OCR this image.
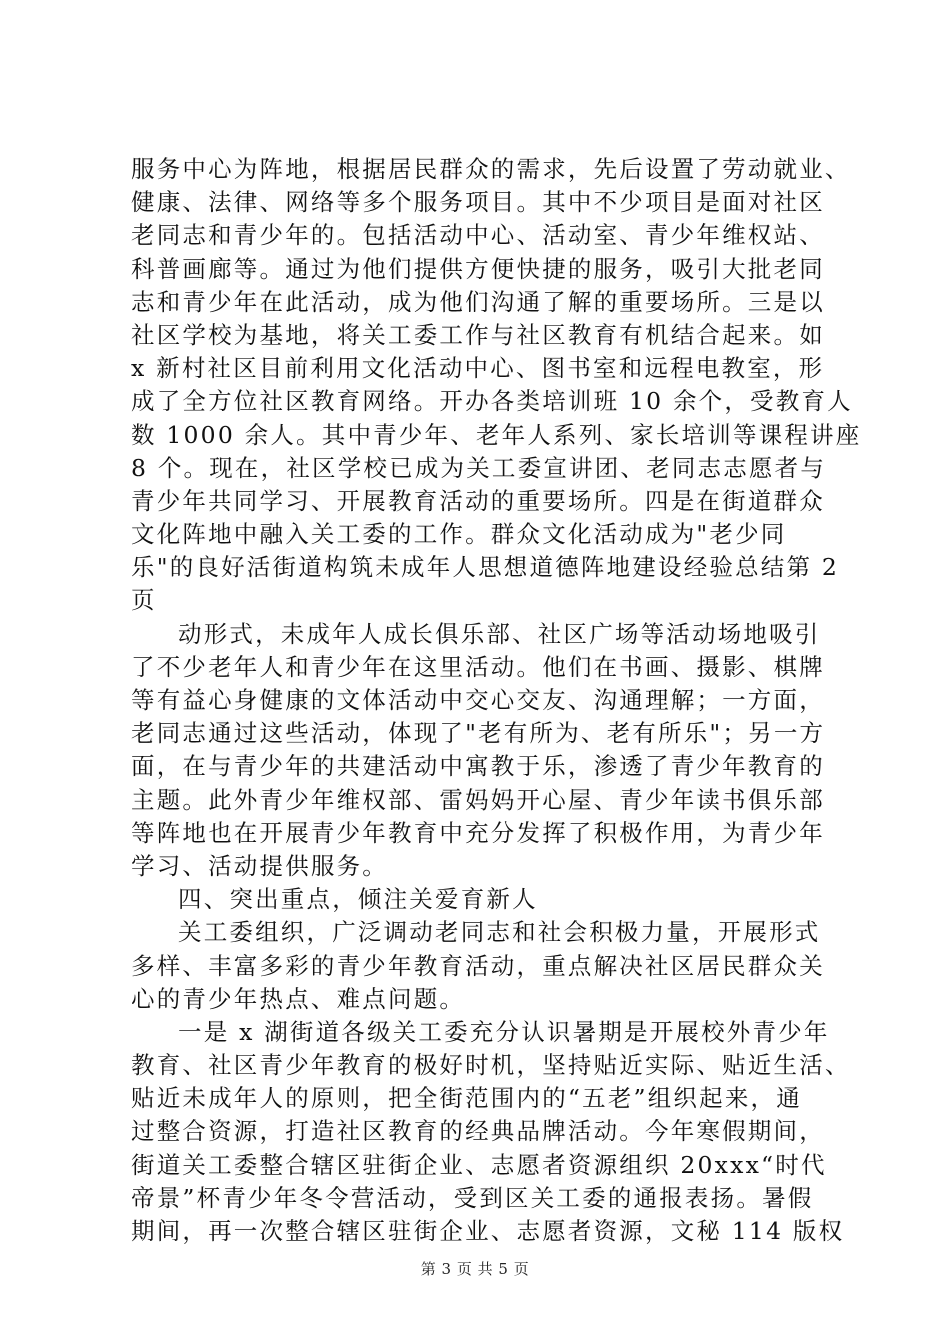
服务中心为阵地，根据居民群众的需求，先后设置了劳动就业、
健康、法律、网络等多个服务项目。其中不少项目是面对社区
老同志和青少年的。包括活动中心、活动室、青少年维权站、
科普画廊等。通过为他们提供方便快捷的服务，吸引大批老同
志和青少年在此活动，成为他们沟通了解的重要场所。三是以
社区学校为基地，将关工委工作与社区教育有机结合起来。如
x 新村社区目前利用文化活动中心、图书室和远程电教室，形
成了全方位社区教育网络。开办各类培训班 10 余个，受教育人
数 1000 余人。其中青少年、老年人系列、家长培训等课程讲座
8 个。现在，社区学校已成为关工委宣讲团、老同志志愿者与
青少年共同学习、开展教育活动的重要场所。四是在街道群众
文化阵地中融入关工委的工作。群众文化活动成为"老少同
乐"的良好活街道构筑未成年人思想道德阵地建设经验总结第 2
页
动形式，未成年人成长俱乐部、社区广场等活动场地吸引
了不少老年人和青少年在这里活动。他们在书画、摄影、棋牌
等有益心身健康的文体活动中交心交友、沟通理解；一方面，
老同志通过这些活动，体现了"老有所为、老有所乐"；另一方
面，在与青少年的共建活动中寓教于乐，渗透了青少年教育的
主题。此外青少年维权部、雷妈妈开心屋、青少年读书俱乐部
等阵地也在开展青少年教育中充分发挥了积极作用，为青少年
学习、活动提供服务。
四、突出重点，倾注关爱育新人
关工委组织，广泛调动老同志和社会积极力量，开展形式
多样、丰富多彩的青少年教育活动，重点解决社区居民群众关
心的青少年热点、难点问题。
一是 x 湖街道各级关工委充分认识暑期是开展校外青少年
教育、社区青少年教育的极好时机，坚持贴近实际、贴近生活、
贴近未成年人的原则，把全街范围内的“五老”组织起来，通
过整合资源，打造社区教育的经典品牌活动。今年寒假期间，
街道关工委整合辖区驻街企业、志愿者资源组织 20xxx“时代
帝景”杯青少年冬令营活动，受到区关工委的通报表扬。暑假
期间，再一次整合辖区驻街企业、志愿者资源，文秘 114 版权
第 3 页 共 5 页
